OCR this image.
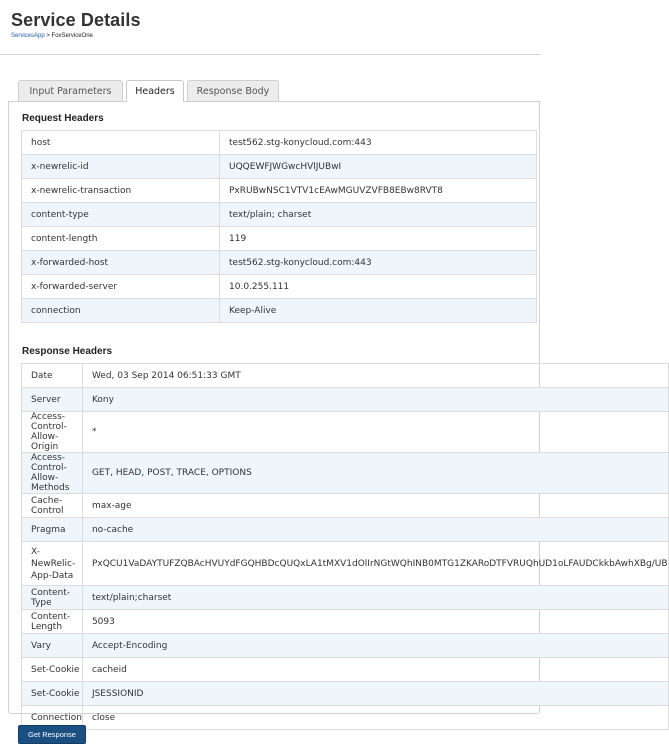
Service Details
ServicesApp > FoxServiceOne
Input Parameters	Headers	Response Body
Request Headers
host	test562.stg-konycloud.com:443
x-newrelic-id	UQQEWFJWGwcHVlJUBwI
x-newrelic-transaction	PxRUBwNSC1VTV1cEAwMGUVZVFB8EBw8RVT8
content-type	text/plain; charset
content-length	119
x-forwarded-host	test562.stg-konycloud.com:443
x-forwarded-server	10.0.255.111
connection	Keep-Alive
Response Headers
Date	Wed, 03 Sep 2014 06:51:33 GMT
Server	Kony
Access-Control-Allow-Origin	*
Access-Control-Allow-Methods	GET, HEAD, POST, TRACE, OPTIONS
Cache-Control	max-age
Pragma	no-cache
X-NewRelic-App-Data	PxQCU1VaDAYTUFZQBAcHVUYdFGQHBDcQUQxLA1tMXV1dOlIrNGtWQhINB0MTG1ZKARoDTFVRUQhUD1oLFAUDCkkbAwhXBg/UB
Content-Type	text/plain;charset
Content-Length	5093
Vary	Accept-Encoding
Set-Cookie	cacheid
Set-Cookie	JSESSIONID
Connection	close
Get Response
